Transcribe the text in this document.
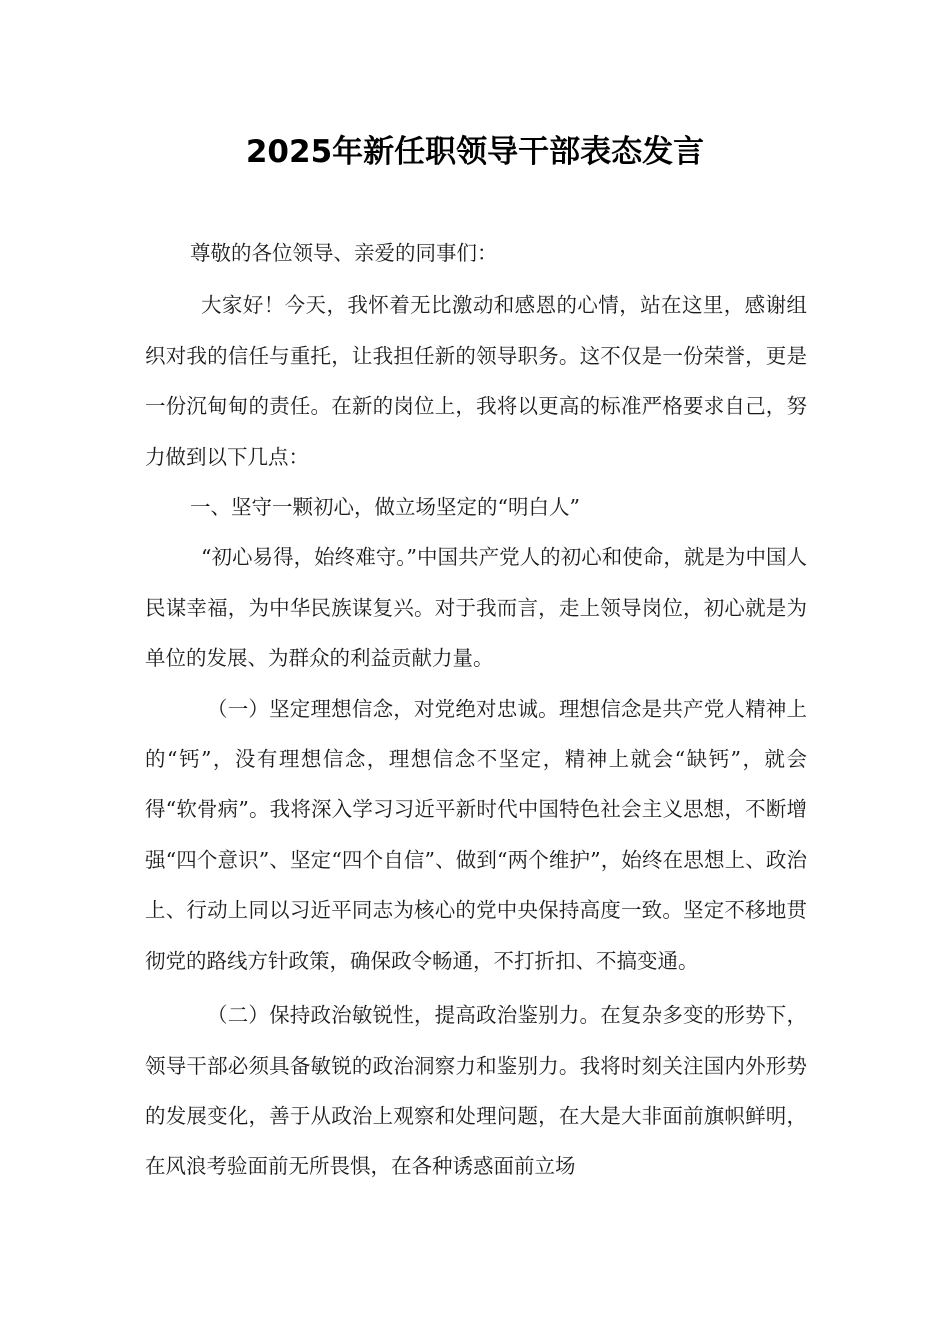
2025年新任职领导干部表态发言

尊敬的各位领导、亲爱的同事们：

大家好！今天，我怀着无比激动和感恩的心情，站在这里，感谢组织对我的信任与重托，让我担任新的领导职务。这不仅是一份荣誉，更是一份沉甸甸的责任。在新的岗位上，我将以更高的标准严格要求自己，努力做到以下几点：

一、坚守一颗初心，做立场坚定的“明白人”

“初心易得，始终难守。”中国共产党人的初心和使命，就是为中国人民谋幸福，为中华民族谋复兴。对于我而言，走上领导岗位，初心就是为单位的发展、为群众的利益贡献力量。

（一）坚定理想信念，对党绝对忠诚。理想信念是共产党人精神上的“钙”，没有理想信念，理想信念不坚定，精神上就会“缺钙”，就会得“软骨病”。我将深入学习习近平新时代中国特色社会主义思想，不断增强“四个意识”、坚定“四个自信”、做到“两个维护”，始终在思想上、政治上、行动上同以习近平同志为核心的党中央保持高度一致。坚定不移地贯彻党的路线方针政策，确保政令畅通，不打折扣、不搞变通。

（二）保持政治敏锐性，提高政治鉴别力。在复杂多变的形势下，领导干部必须具备敏锐的政治洞察力和鉴别力。我将时刻关注国内外形势的发展变化，善于从政治上观察和处理问题，在大是大非面前旗帜鲜明，在风浪考验面前无所畏惧，在各种诱惑面前立场
